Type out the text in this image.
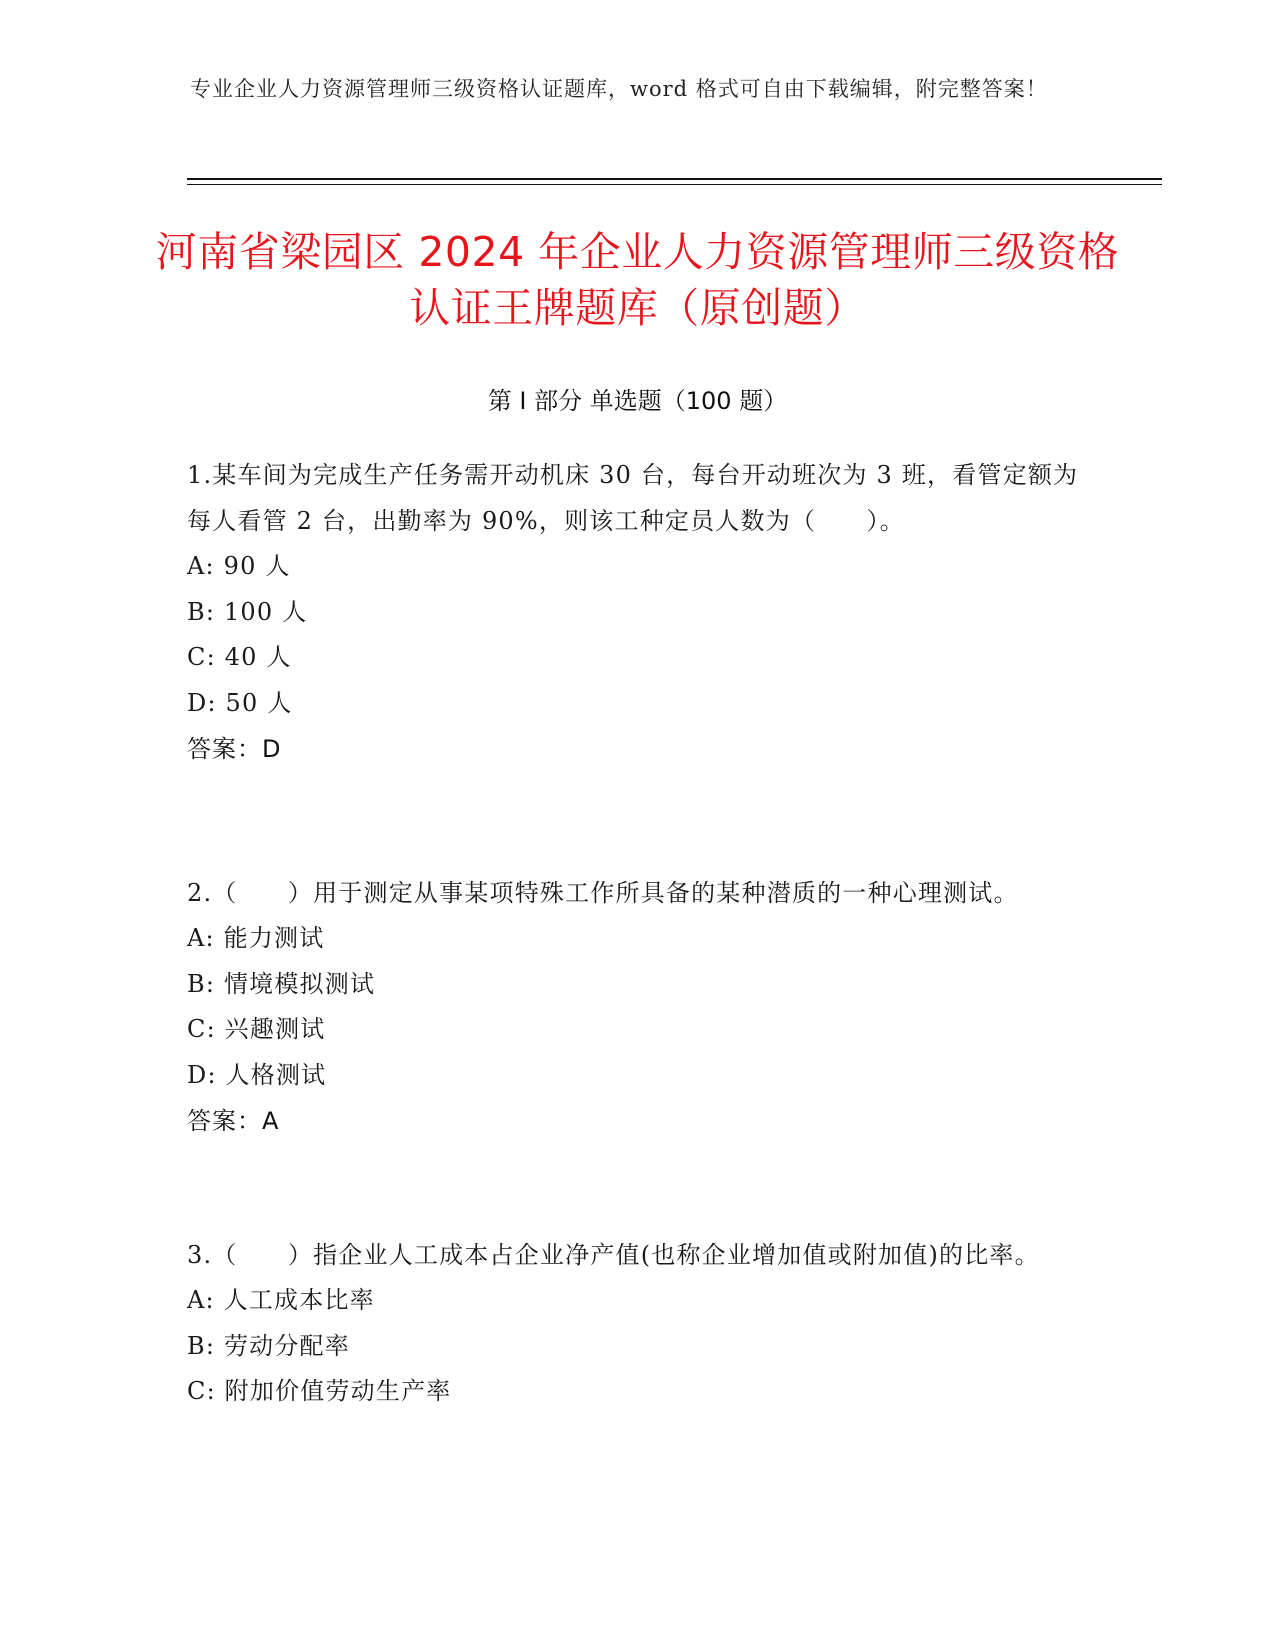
专业企业人力资源管理师三级资格认证题库，word 格式可自由下载编辑，附完整答案！
河南省梁园区 2024 年企业人力资源管理师三级资格认证王牌题库（原创题）
第 I 部分 单选题（100 题）
1.某车间为完成生产任务需开动机床 30 台，每台开动班次为 3 班，看管定额为每人看管 2 台，出勤率为 90%，则该工种定员人数为（　　）。
A: 90 人
B: 100 人
C: 40 人
D: 50 人
答案：D
2.（　　）用于测定从事某项特殊工作所具备的某种潜质的一种心理测试。
A: 能力测试
B: 情境模拟测试
C: 兴趣测试
D: 人格测试
答案：A
3.（　　）指企业人工成本占企业净产值(也称企业增加值或附加值)的比率。
A: 人工成本比率
B: 劳动分配率
C: 附加价值劳动生产率
